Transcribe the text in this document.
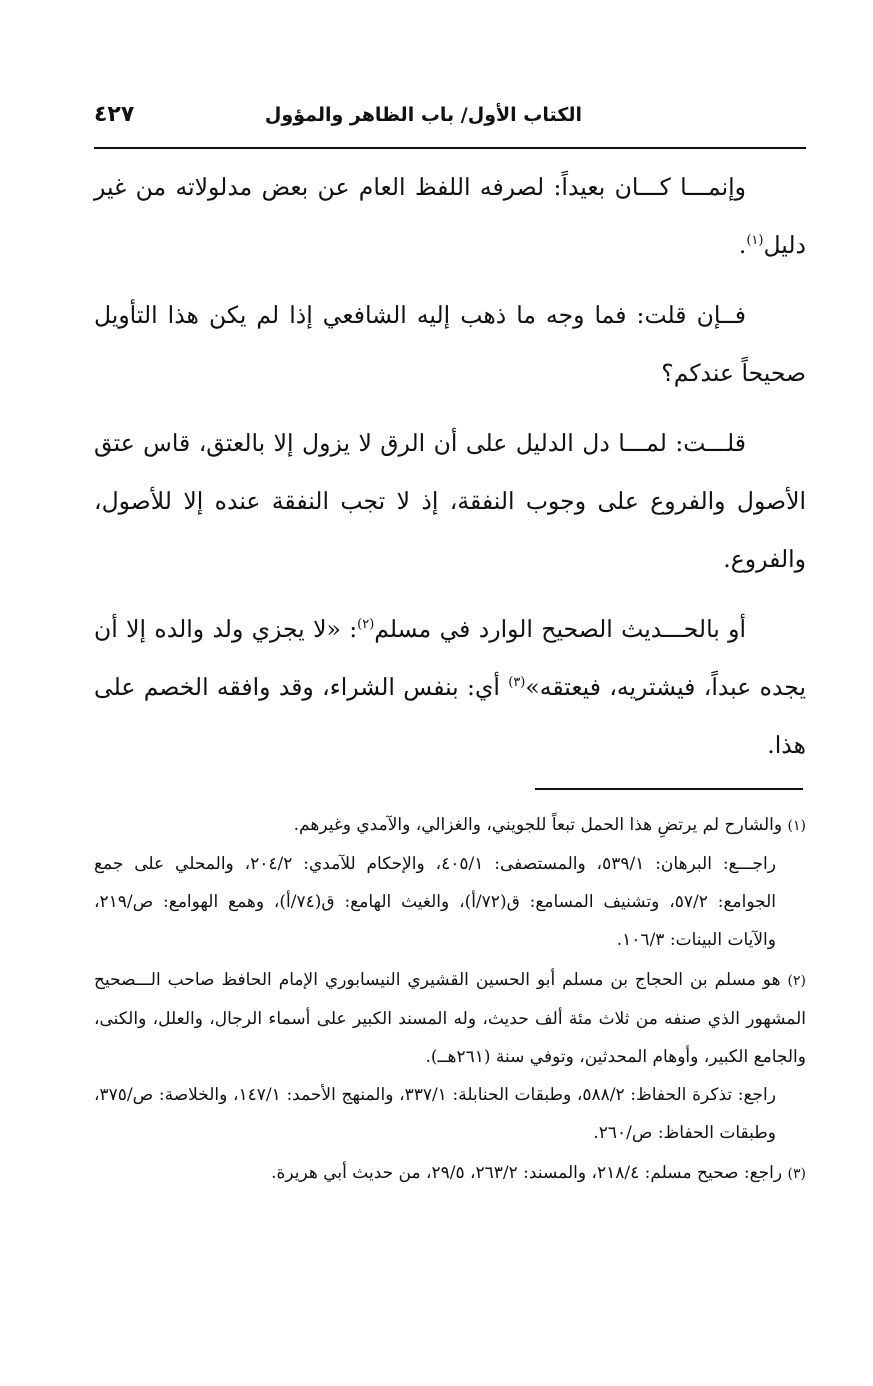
الكتاب الأول/ باب الظاهر والمؤول
٤٢٧

وإنمـــا كـــان بعيداً: لصرفه اللفظ العام عن بعض مدلولاته من غير دليل$^{(١)}$.

فــإن قلت: فما وجه ما ذهب إليه الشافعي إذا لم يكن هذا التأويل صحيحاً عندكم؟

قلـــت: لمـــا دل الدليل على أن الرق لا يزول إلا بالعتق، قاس عتق الأصول والفروع على وجوب النفقة، إذ لا تجب النفقة عنده إلا للأصول، والفروع.

أو بالحـــديث الصحيح الوارد في مسلم$^{(٢)}$: «لا يجزي ولد والده إلا أن يجده عبداً، فيشتريه، فيعتقه»$^{(٣)}$ أي: بنفس الشراء، وقد وافقه الخصم على هذا.

(١) والشارح لم يرتضِ هذا الحمل تبعاً للجويني، والغزالي، والآمدي وغيرهم.
راجـــع: البرهان: ٥٣٩/١، والمستصفى: ٤٠٥/١، والإحكام للآمدي: ٢٠٤/٢، والمحلي على جمع الجوامع: ٥٧/٢، وتشنيف المسامع: ق(٧٢/أ)، والغيث الهامع: ق(٧٤/أ)، وهمع الهوامع: ص/٢١٩، والآيات البينات: ١٠٦/٣.
(٢) هو مسلم بن الحجاج بن مسلم أبو الحسين القشيري النيسابوري الإمام الحافظ صاحب الـــصحيح المشهور الذي صنفه من ثلاث مئة ألف حديث، وله المسند الكبير على أسماء الرجال، والعلل، والكنى، والجامع الكبير، وأوهام المحدثين، وتوفي سنة (٢٦١هــ).
راجع: تذكرة الحفاظ: ٥٨٨/٢، وطبقات الحنابلة: ٣٣٧/١، والمنهج الأحمد: ١٤٧/١، والخلاصة: ص/٣٧٥، وطبقات الحفاظ: ص/٢٦٠.
(٣) راجع: صحيح مسلم: ٢١٨/٤، والمسند: ٢٦٣/٢، ٢٩/٥، من حديث أبي هريرة.
